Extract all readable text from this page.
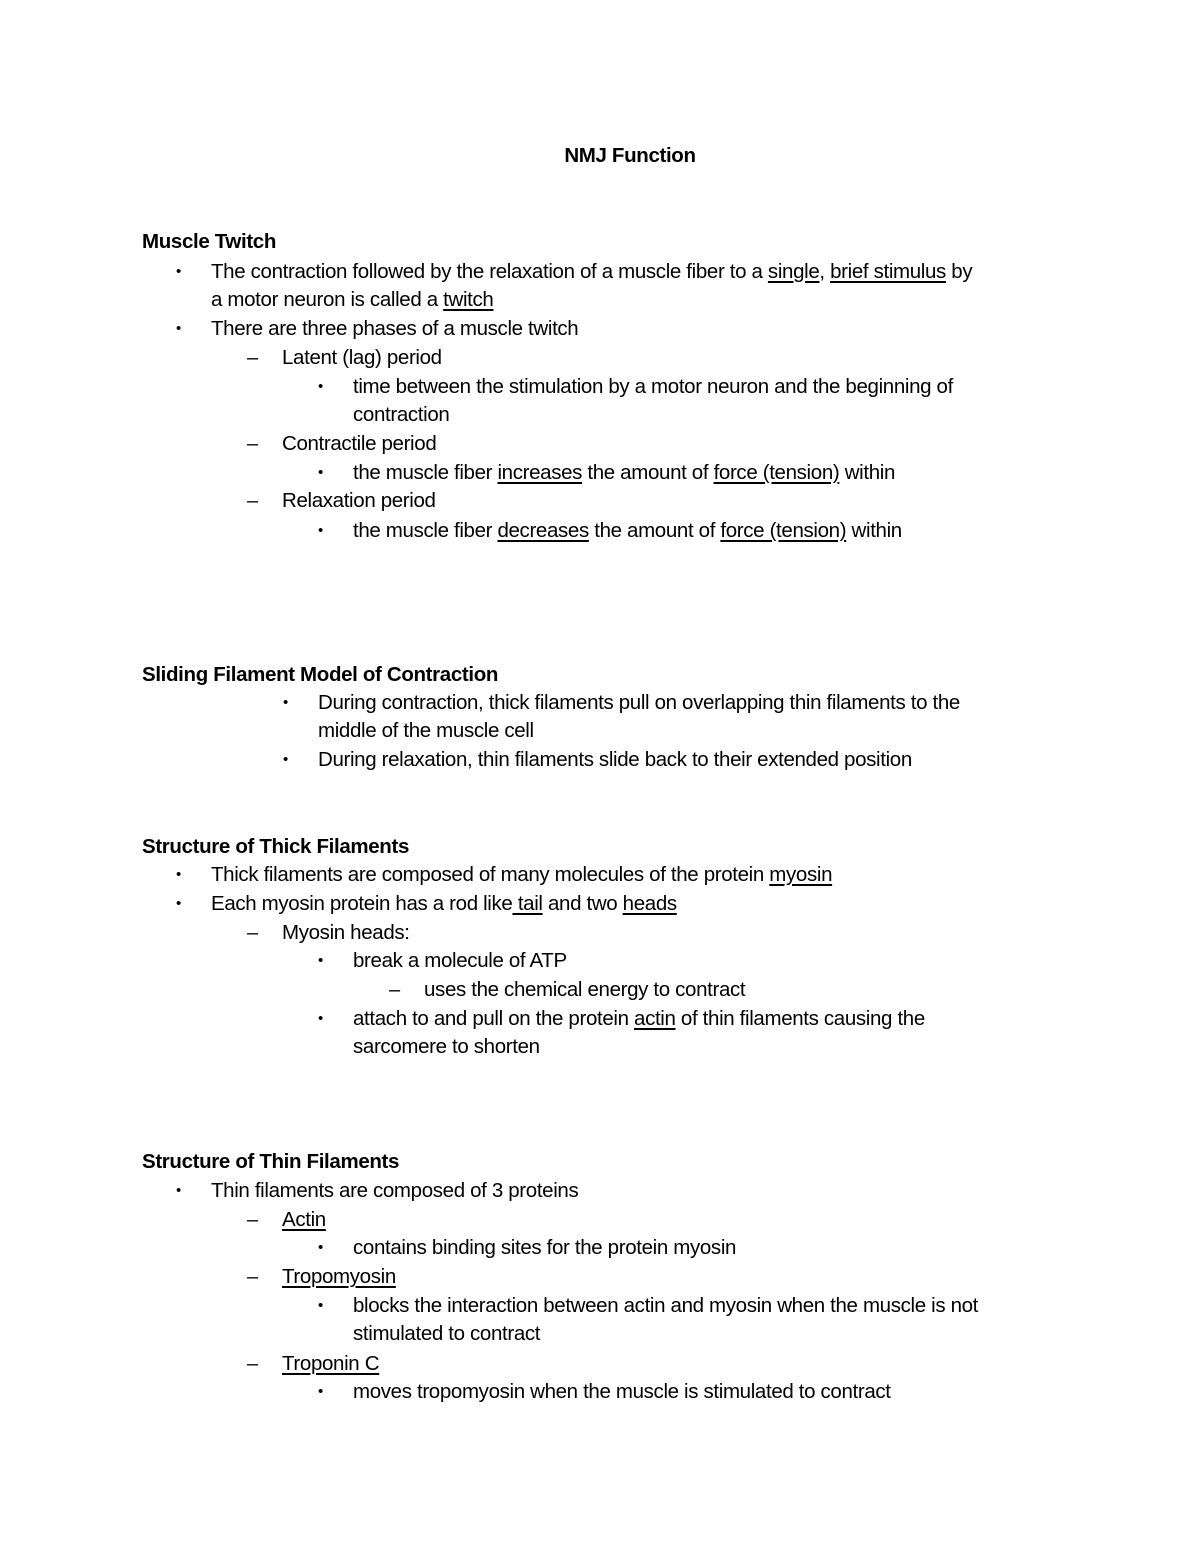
NMJ Function
Muscle Twitch
• The contraction followed by the relaxation of a muscle fiber to a single, brief stimulus by
a motor neuron is called a twitch
• There are three phases of a muscle twitch
– Latent (lag) period
• time between the stimulation by a motor neuron and the beginning of
contraction
– Contractile period
• the muscle fiber increases the amount of force (tension) within
– Relaxation period
• the muscle fiber decreases the amount of force (tension) within
Sliding Filament Model of Contraction
• During contraction, thick filaments pull on overlapping thin filaments to the
middle of the muscle cell
• During relaxation, thin filaments slide back to their extended position
Structure of Thick Filaments
• Thick filaments are composed of many molecules of the protein myosin
• Each myosin protein has a rod like tail and two heads
– Myosin heads:
• break a molecule of ATP
– uses the chemical energy to contract
• attach to and pull on the protein actin of thin filaments causing the
sarcomere to shorten
Structure of Thin Filaments
• Thin filaments are composed of 3 proteins
– Actin
• contains binding sites for the protein myosin
– Tropomyosin
• blocks the interaction between actin and myosin when the muscle is not
stimulated to contract
– Troponin C
• moves tropomyosin when the muscle is stimulated to contract
